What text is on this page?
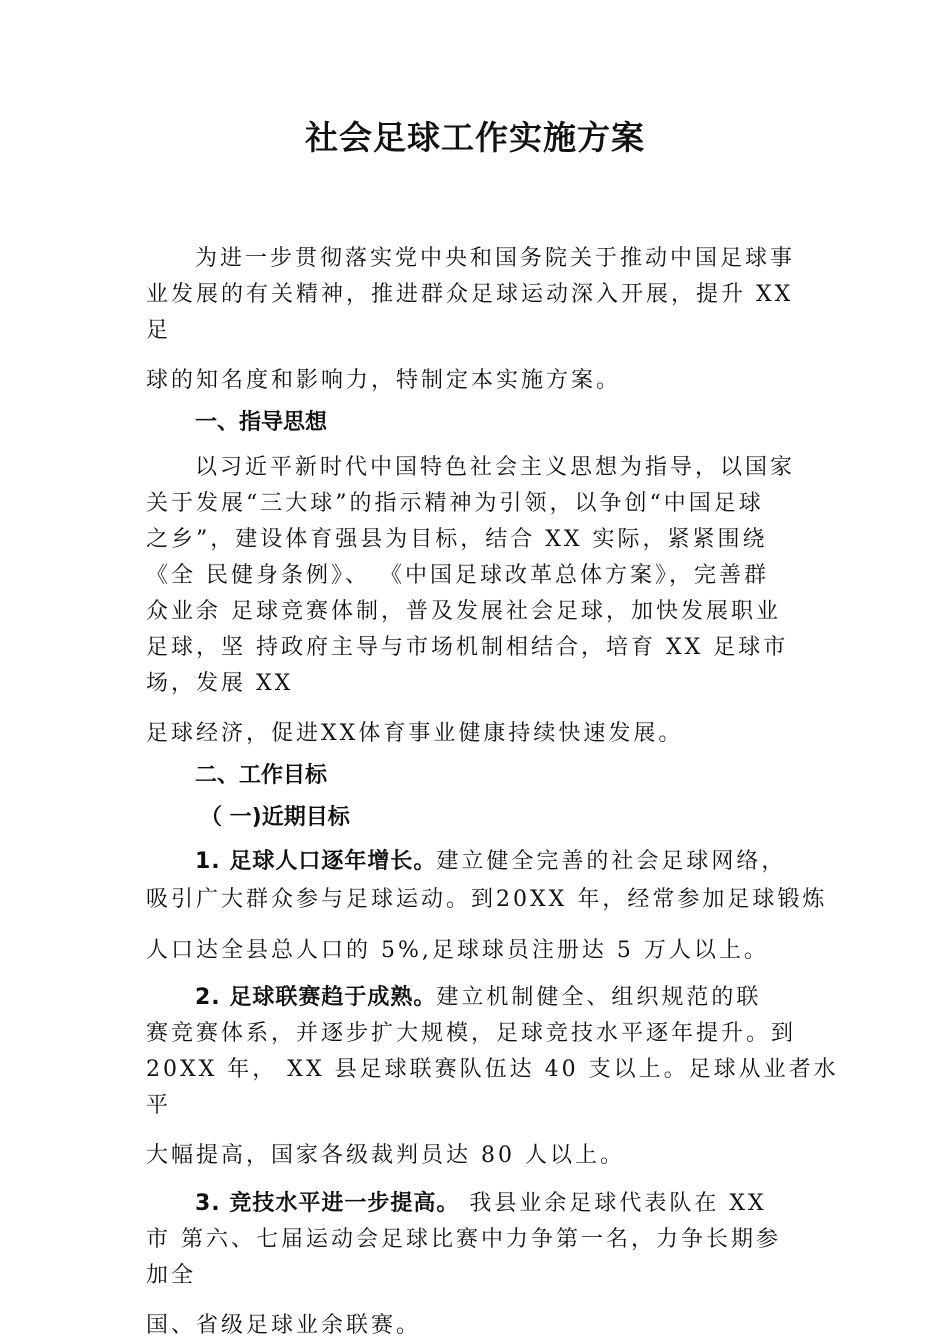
社会足球工作实施方案
为进一步贯彻落实党中央和国务院关于推动中国足球事
业发展的有关精神，推进群众足球运动深入开展，提升 XX
足
球的知名度和影响力，特制定本实施方案。
一、指导思想
以习近平新时代中国特色社会主义思想为指导，以国家
关于发展“三大球”的指示精神为引领，以争创“中国足球
之乡”，建设体育强县为目标，结合 XX 实际，紧紧围绕
《全 民健身条例》、 《中国足球改革总体方案》，完善群
众业余 足球竞赛体制，普及发展社会足球，加快发展职业
足球，坚 持政府主导与市场机制相结合，培育 XX 足球市
场，发展 XX
足球经济，促进XX体育事业健康持续快速发展。
二、工作目标
（ 一)近期目标
1. 足球人口逐年增长。建立健全完善的社会足球网络，
吸引广大群众参与足球运动。到20XX 年，经常参加足球锻炼
人口达全县总人口的 5%,足球球员注册达 5 万人以上。
2. 足球联赛趋于成熟。建立机制健全、组织规范的联
赛竞赛体系，并逐步扩大规模，足球竞技水平逐年提升。到
20XX 年， XX 县足球联赛队伍达 40 支以上。足球从业者水
平
大幅提高，国家各级裁判员达 80 人以上。
3. 竞技水平进一步提高。 我县业余足球代表队在 XX
市 第六、七届运动会足球比赛中力争第一名，力争长期参
加全
国、省级足球业余联赛。
